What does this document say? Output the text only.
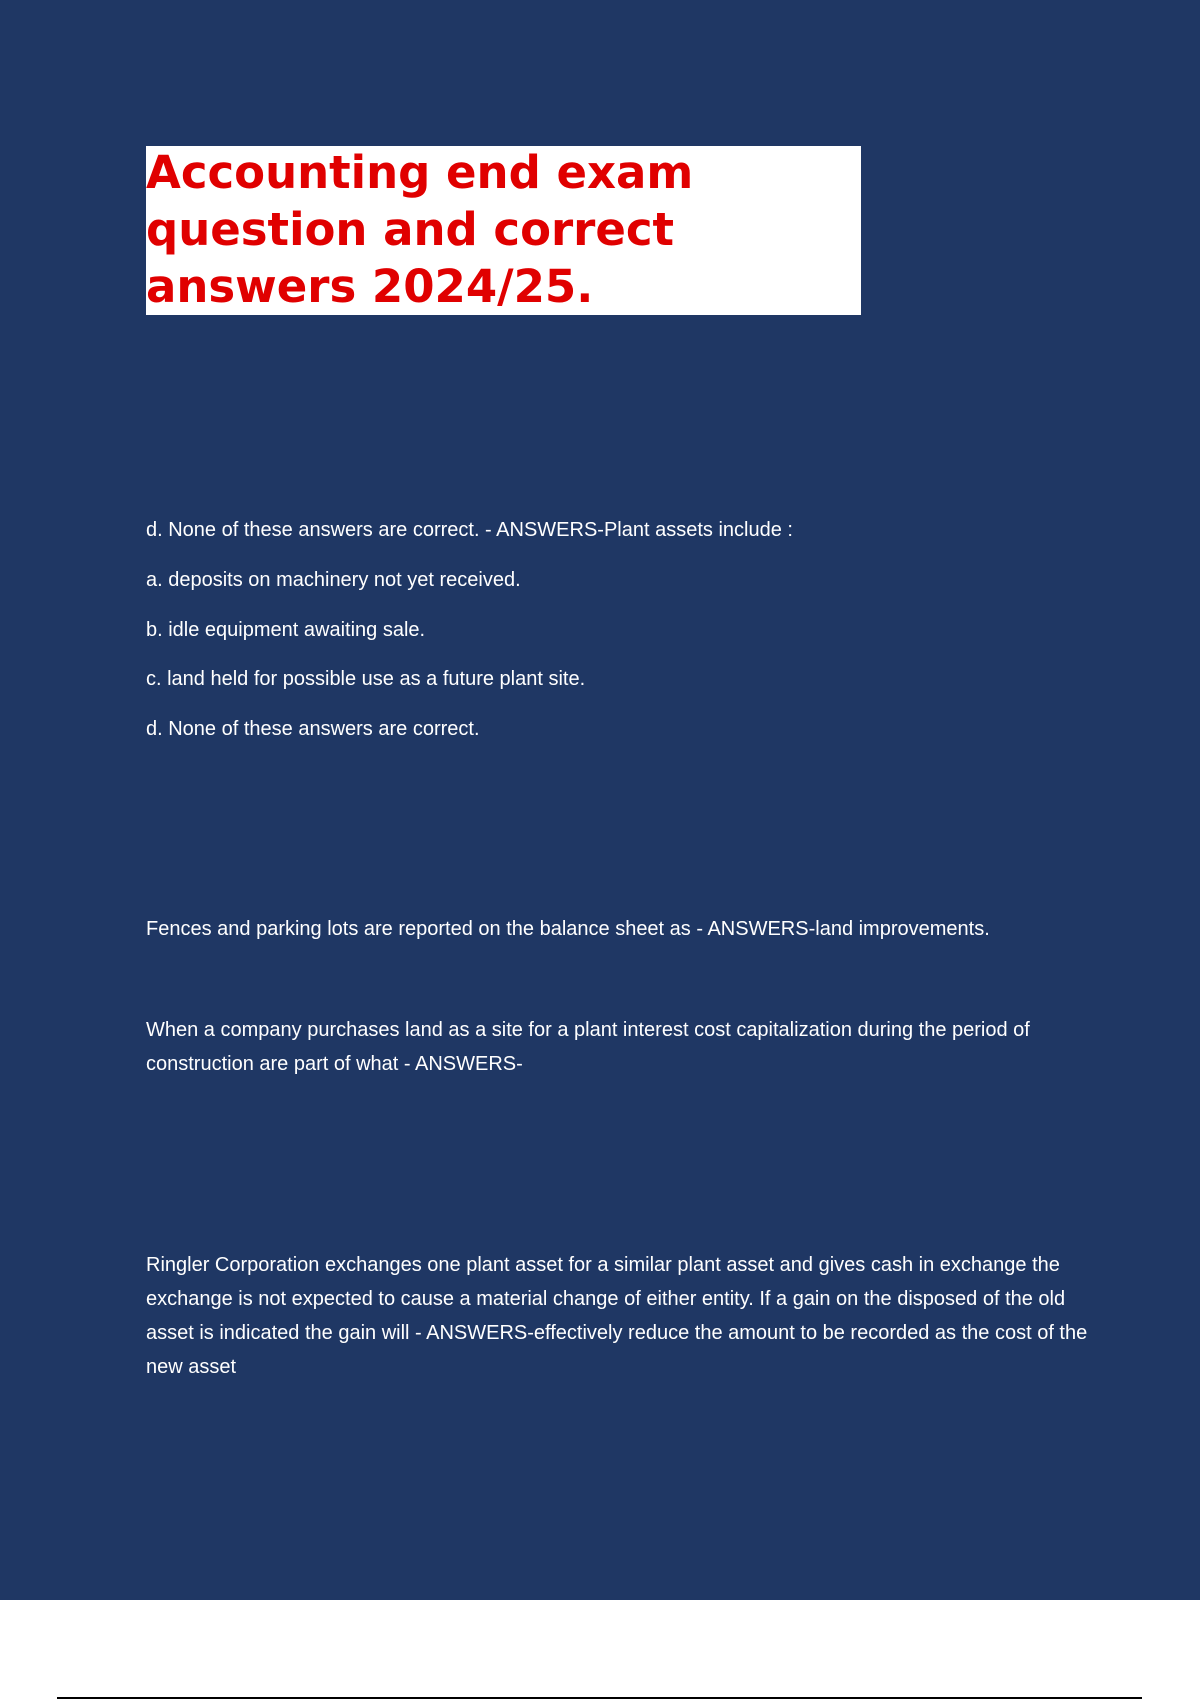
Accounting end exam
question and correct
answers 2024/25.

d. None of these answers are correct. - ANSWERS-Plant assets include :

a. deposits on machinery not yet received.

b. idle equipment awaiting sale.

c. land held for possible use as a future plant site.

d. None of these answers are correct.

Fences and parking lots are reported on the balance sheet as - ANSWERS-land improvements.

When a company purchases land as a site for a plant interest cost capitalization during the period of construction are part of what - ANSWERS-

Ringler Corporation exchanges one plant asset for a similar plant asset and gives cash in exchange the exchange is not expected to cause a material change of either entity. If a gain on the disposed of the old asset is indicated the gain will - ANSWERS-effectively reduce the amount to be recorded as the cost of the new asset
